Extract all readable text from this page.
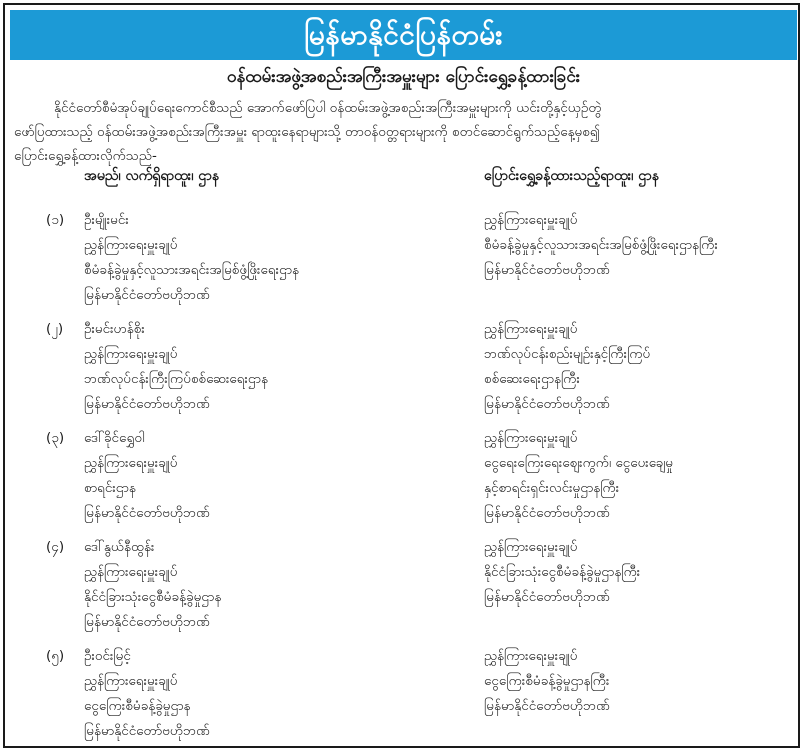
မြန်မာနိုင်ငံပြန်တမ်း
ဝန်ထမ်းအဖွဲ့အစည်းအကြီးအမှူးများ ပြောင်းရွှေ့ခန့်ထားခြင်း
နိုင်ငံတော်စီမံအုပ်ချုပ်ရေးကောင်စီသည် အောက်ဖော်ပြပါ ဝန်ထမ်းအဖွဲ့အစည်းအကြီးအမှူးများကို ယင်းတို့နှင့်ယှဉ်တွဲ
ဖော်ပြထားသည့် ဝန်ထမ်းအဖွဲ့အစည်းအကြီးအမှူး ရာထူးနေရာများသို့ တာဝန်ဝတ္တရားများကို စတင်ဆောင်ရွက်သည့်နေ့မှစ၍
ပြောင်းရွှေ့ခန့်ထားလိုက်သည်-
အမည်၊ လက်ရှိရာထူး၊ ဌာန	ပြောင်းရွှေ့ခန့်ထားသည့်ရာထူး၊ ဌာန
(၁) ဦးမျိုးမင်း
ညွှန်ကြားရေးမှူးချုပ်
စီမံခန့်ခွဲမှုနှင့်လူသားအရင်းအမြစ်ဖွံ့ဖြိုးရေးဌာန
မြန်မာနိုင်ငံတော်ဗဟိုဘဏ်
ညွှန်ကြားရေးမှူးချုပ်
စီမံခန့်ခွဲမှုနှင့်လူသားအရင်းအမြစ်ဖွံ့ဖြိုးရေးဌာနကြီး
မြန်မာနိုင်ငံတော်ဗဟိုဘဏ်
(၂) ဦးမင်းဟန်စိုး
ညွှန်ကြားရေးမှူးချုပ်
ဘဏ်လုပ်ငန်းကြီးကြပ်စစ်ဆေးရေးဌာန
မြန်မာနိုင်ငံတော်ဗဟိုဘဏ်
ညွှန်ကြားရေးမှူးချုပ်
ဘဏ်လုပ်ငန်းစည်းမျဉ်းနှင့်ကြီးကြပ်
စစ်ဆေးရေးဌာနကြီး
မြန်မာနိုင်ငံတော်ဗဟိုဘဏ်
(၃) ဒေါ်ခိုင်ရွှေဝါ
ညွှန်ကြားရေးမှူးချုပ်
စာရင်းဌာန
မြန်မာနိုင်ငံတော်ဗဟိုဘဏ်
ညွှန်ကြားရေးမှူးချုပ်
ငွေရေးကြေးရေးဈေးကွက်၊ ငွေပေးချေမှု
နှင့်စာရင်းရှင်းလင်းမှုဌာနကြီး
မြန်မာနိုင်ငံတော်ဗဟိုဘဏ်
(၄) ဒေါ်နွယ်နီထွန်း
ညွှန်ကြားရေးမှူးချုပ်
နိုင်ငံခြားသုံးငွေစီမံခန့်ခွဲမှုဌာန
မြန်မာနိုင်ငံတော်ဗဟိုဘဏ်
ညွှန်ကြားရေးမှူးချုပ်
နိုင်ငံခြားသုံးငွေစီမံခန့်ခွဲမှုဌာနကြီး
မြန်မာနိုင်ငံတော်ဗဟိုဘဏ်
(၅) ဦးဝင်းမြင့်
ညွှန်ကြားရေးမှူးချုပ်
ငွေကြေးစီမံခန့်ခွဲမှုဌာန
မြန်မာနိုင်ငံတော်ဗဟိုဘဏ်
ညွှန်ကြားရေးမှူးချုပ်
ငွေကြေးစီမံခန့်ခွဲမှုဌာနကြီး
မြန်မာနိုင်ငံတော်ဗဟိုဘဏ်
